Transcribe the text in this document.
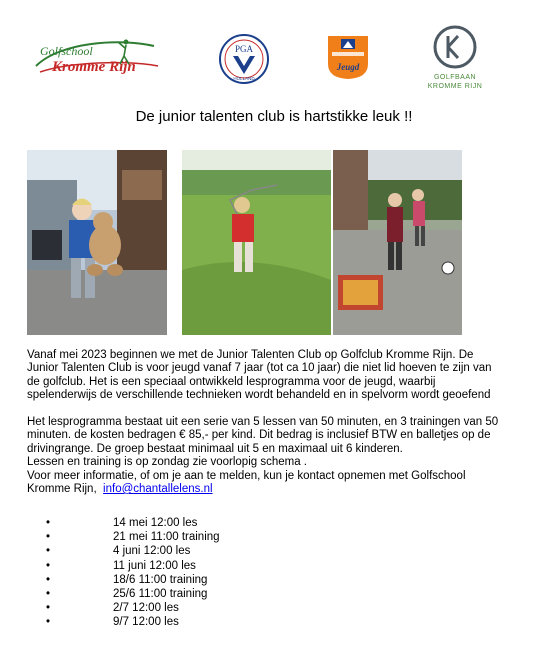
Golfschool
Kromme Rijn
PGA
HOLLAND
Jeugd
GOLFBAAN
KROMME RIJN
De junior talenten club is hartstikke leuk !!

Vanaf mei 2023 beginnen we met de Junior Talenten Club op Golfclub Kromme Rijn. De

Junior Talenten Club is voor jeugd vanaf 7 jaar (tot ca 10 jaar) die niet lid hoeven te zijn van

de golfclub. Het is een speciaal ontwikkeld lesprogramma voor de jeugd, waarbij

spelenderwijs de verschillende technieken wordt behandeld en in spelvorm wordt geoefend

Het lesprogramma bestaat uit een serie van 5 lessen van 50 minuten, en 3 trainingen van 50

minuten. de kosten bedragen € 85,- per kind. Dit bedrag is inclusief BTW en balletjes op de

drivingrange. De groep bestaat minimaal uit 5 en maximaal uit 6 kinderen.

Lessen en training is op zondag zie voorlopig schema .

Voor meer informatie, of om je aan te melden, kun je kontact opnemen met Golfschool

Kromme Rijn, info@chantallelens.nl

•	14 mei 12:00 les
•	21 mei 11:00 training
•	4 juni 12:00 les
•	11 juni 12:00 les
•	18/6 11:00 training
•	25/6 11:00 training
•	2/7 12:00 les
•	9/7 12:00 les
